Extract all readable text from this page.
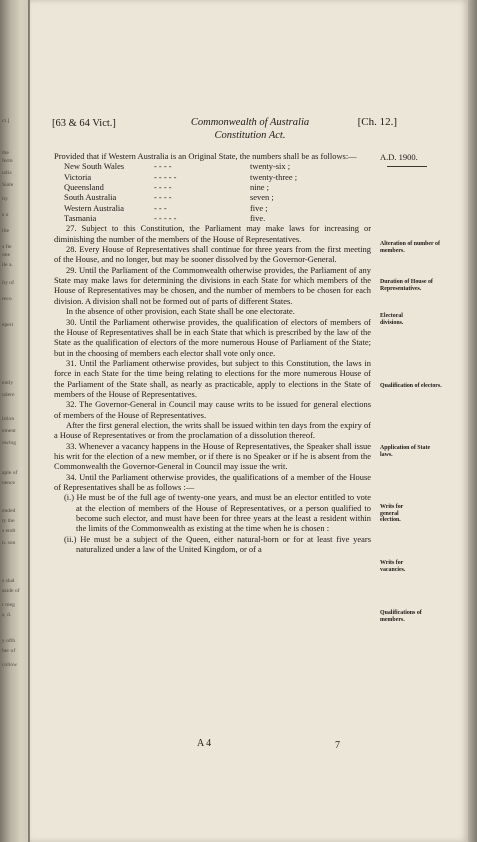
ct.]
the
ferm
ndix
Siale
ity
s o
ilie
s fie
one
ile a.
ity of
reco
eperi
ently
ndere
irtion
ement
owing
aple of
nence
ended
ty the
s endt
n. son
s shal
aside of
r meg
s, d.
y ofth
ber of
collow
[63 & 64 Vict.]	Commonwealth of Australia
Constitution Act.
[Ch. 12.]
A.D. 1900.

Provided that if Western Australia is an Original State, the numbers shall be as follows:—

New South Wales	- - - -	twenty-six ;
Victoria	- - - - -	twenty-three ;
Queensland	- - - -	nine ;
South Australia	- - - -	seven ;
Western Australia	- - -	five ;
Tasmania	- - - - -	five.

27. Subject to this Constitution, the Parliament may make laws for increasing or diminishing the number of the members of the House of Representatives.

28. Every House of Representatives shall continue for three years from the first meeting of the House, and no longer, but may be sooner dissolved by the Governor-General.

29. Until the Parliament of the Commonwealth otherwise provides, the Parliament of any State may make laws for determining the divisions in each State for which members of the House of Representatives may be chosen, and the number of members to be chosen for each division. A division shall not be formed out of parts of different States.

In the absence of other provision, each State shall be one electorate.

30. Until the Parliament otherwise provides, the qualification of electors of members of the House of Representatives shall be in each State that which is prescribed by the law of the State as the qualification of electors of the more numerous House of Parliament of the State; but in the choosing of members each elector shall vote only once.

31. Until the Parliament otherwise provides, but subject to this Constitution, the laws in force in each State for the time being relating to elections for the more numerous House of the Parliament of the State shall, as nearly as practicable, apply to elections in the State of members of the House of Representatives.

32. The Governor-General in Council may cause writs to be issued for general elections of members of the House of Representatives.

After the first general election, the writs shall be issued within ten days from the expiry of a House of Representatives or from the proclamation of a dissolution thereof.

33. Whenever a vacancy happens in the House of Representatives, the Speaker shall issue his writ for the election of a new member, or if there is no Speaker or if he is absent from the Commonwealth the Governor-General in Council may issue the writ.

34. Until the Parliament otherwise provides, the qualifications of a member of the House of Representatives shall be as follows :—

(i.) He must be of the full age of twenty-one years, and must be an elector entitled to vote at the election of members of the House of Representatives, or a person qualified to become such elector, and must have been for three years at the least a resident within the limits of the Commonwealth as existing at the time when he is chosen :

(ii.) He must be a subject of the Queen, either natural-born or for at least five years naturalized under a law of the United Kingdom, or of a

Alteration of number of members.
Duration of House of Representatives.
Electoral divisions.
Qualification of electors.
Application of State laws.
Writs for general election.
Writs for vacancies.
Qualifications of members.
A 4	7
